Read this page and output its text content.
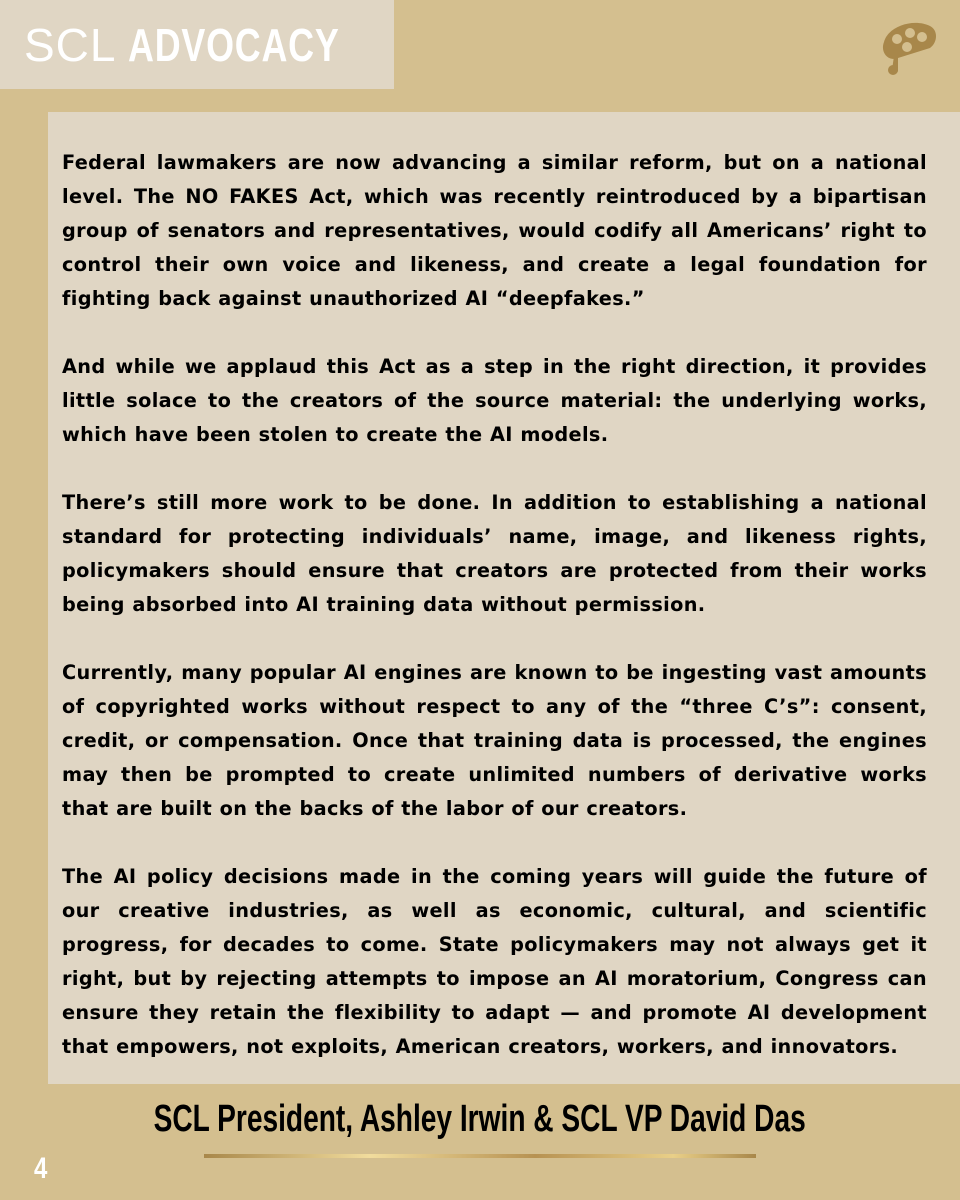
SCL ADVOCACY

Federal lawmakers are now advancing a similar reform, but on a national level. The NO FAKES Act, which was recently reintroduced by a bipartisan group of senators and representatives, would codify all Americans’ right to control their own voice and likeness, and create a legal foundation for fighting back against unauthorized AI “deepfakes.”

And while we applaud this Act as a step in the right direction, it provides little solace to the creators of the source material: the underlying works, which have been stolen to create the AI models.

There’s still more work to be done. In addition to establishing a national standard for protecting individuals’ name, image, and likeness rights, policymakers should ensure that creators are protected from their works being absorbed into AI training data without permission.

Currently, many popular AI engines are known to be ingesting vast amounts of copyrighted works without respect to any of the “three C’s”: consent, credit, or compensation. Once that training data is processed, the engines may then be prompted to create unlimited numbers of derivative works that are built on the backs of the labor of our creators.

The AI policy decisions made in the coming years will guide the future of our creative industries, as well as economic, cultural, and scientific progress, for decades to come. State policymakers may not always get it right, but by rejecting attempts to impose an AI moratorium, Congress can ensure they retain the flexibility to adapt — and promote AI development that empowers, not exploits, American creators, workers, and innovators.

SCL President, Ashley Irwin & SCL VP David Das
4
